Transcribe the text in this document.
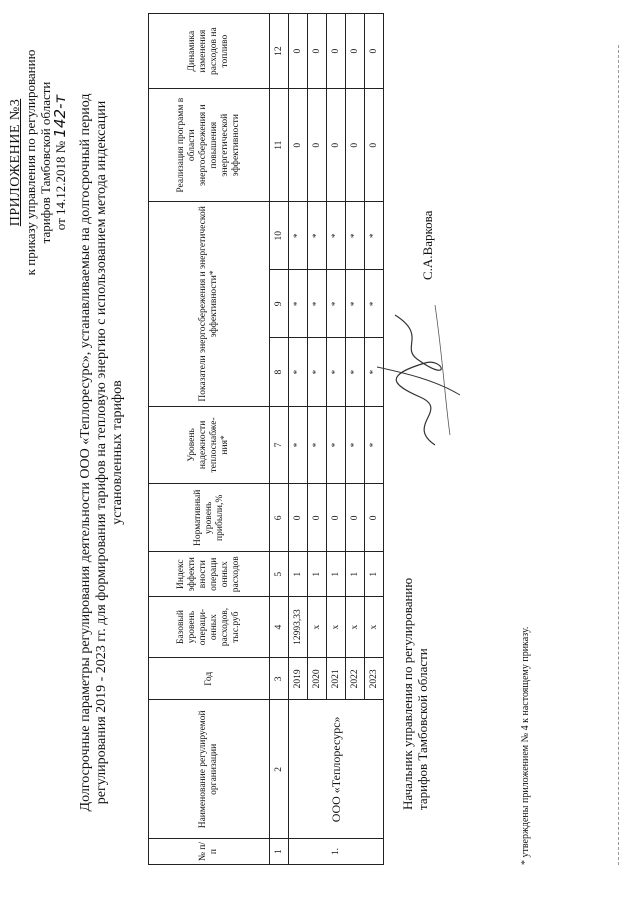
ПРИЛОЖЕНИЕ №3 к приказу управления по регулированию тарифов Тамбовской области от 14.12.2018 № 142-т Долгосрочные параметры регулирования деятельности ООО «Теплоресурс», устанавливаемые на долгосрочный период регулирования 2019 - 2023 гг. для формирования тарифов на тепловую энергию с использованием метода индексации установленных тарифов
№ п/п	Наименование регулируемой организации	Год	Базовый уровень операци-онных расходов, тыс.руб	Индекс эффекти вности операци онных расходов	Нормативный уровень прибыли,%	Уровень надежности теплоснабже-ния*	Показатели энергосбережения и энергетической эффективности*			Реализация программ в области энергосбережения и повышения энергетической эффективности	Динамика изменения расходов на топливо
1	2	3	4	5	6	7	8	9	10	11	12
1.	ООО «Теплоресурс»	2019	12993,33	1	0	*	*	*	*	0	0
		2020	х	1	0	*	*	*	*	0	0
		2021	х	1	0	*	*	*	*	0	0
		2022	х	1	0	*	*	*	*	0	0
		2023	х	1	0	*	*	*	*	0	0
* утверждены приложением № 4 к настоящему приказу.
Начальник управления по регулированию тарифов Тамбовской области
С.А.Варкова
